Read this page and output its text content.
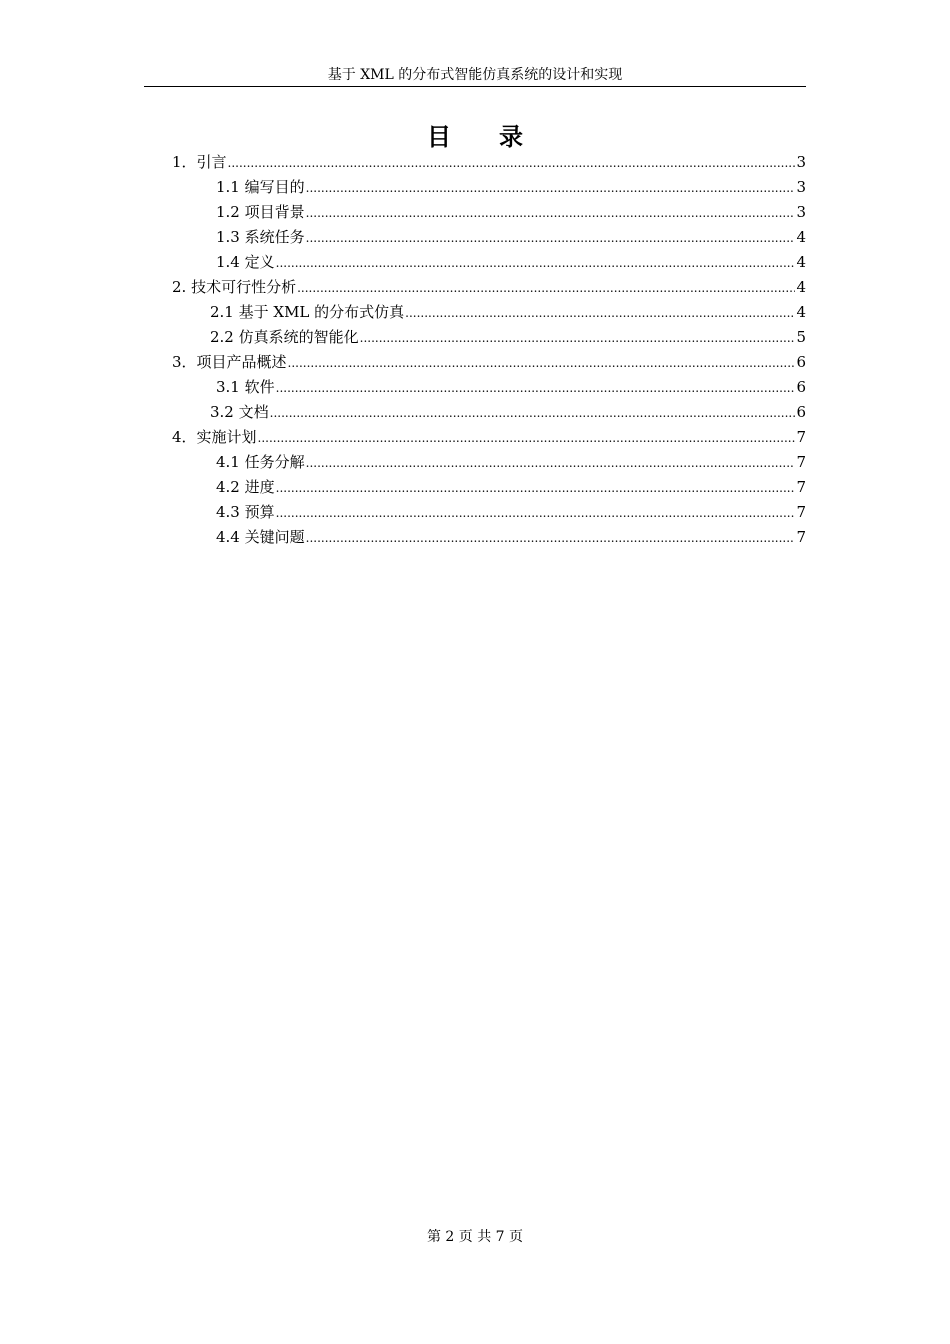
基于 XML 的分布式智能仿真系统的设计和实现
目录
1．引言 .....	3
1.1 编写目的 .....	3
1.2 项目背景 .....	3
1.3 系统任务 .....	4
1.4 定义 .....	4
2. 技术可行性分析 .....	4
2.1 基于 XML 的分布式仿真 .....	4
2.2 仿真系统的智能化 .....	5
3．项目产品概述 .....	6
3.1 软件 .....	6
3.2 文档 .....	6
4．实施计划 .....	7
4.1 任务分解 .....	7
4.2 进度 .....	7
4.3 预算 .....	7
4.4 关键问题 .....	7
第 2 页 共 7 页
